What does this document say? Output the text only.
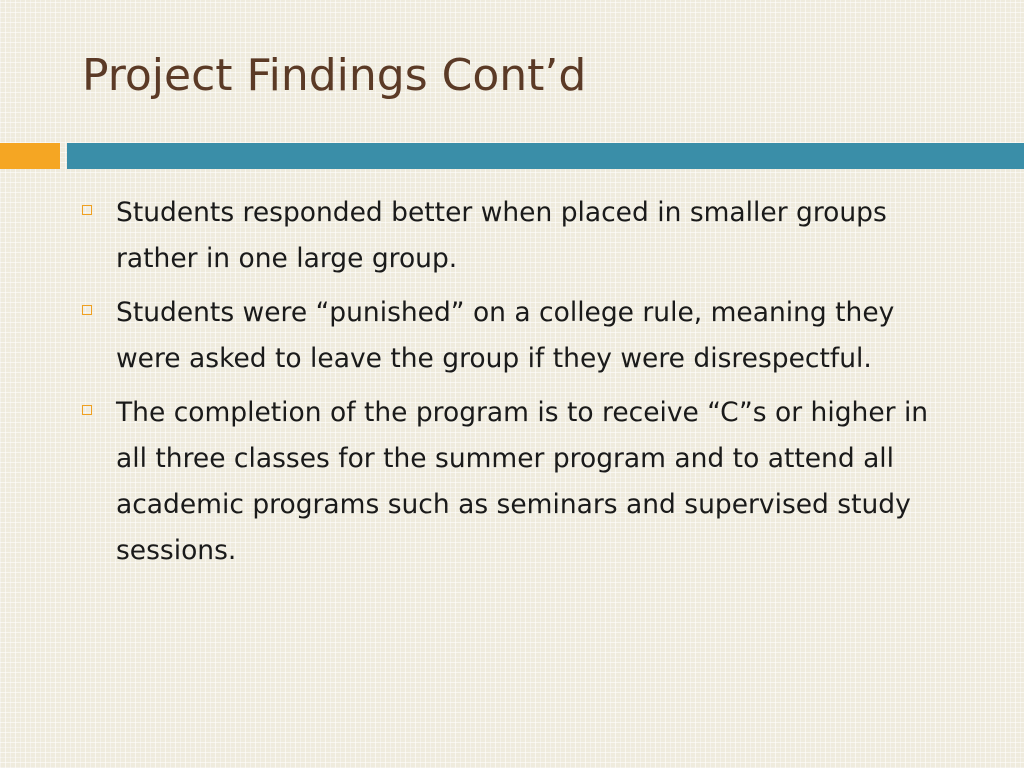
Project Findings Cont’d
Students responded better when placed in smaller groups rather in one large group.
Students were “punished” on a college rule, meaning they were asked to leave the group if they were disrespectful.
The completion of the program is to receive “C”s or higher in all three classes for the summer program and to attend all academic programs such as seminars and supervised study sessions.
